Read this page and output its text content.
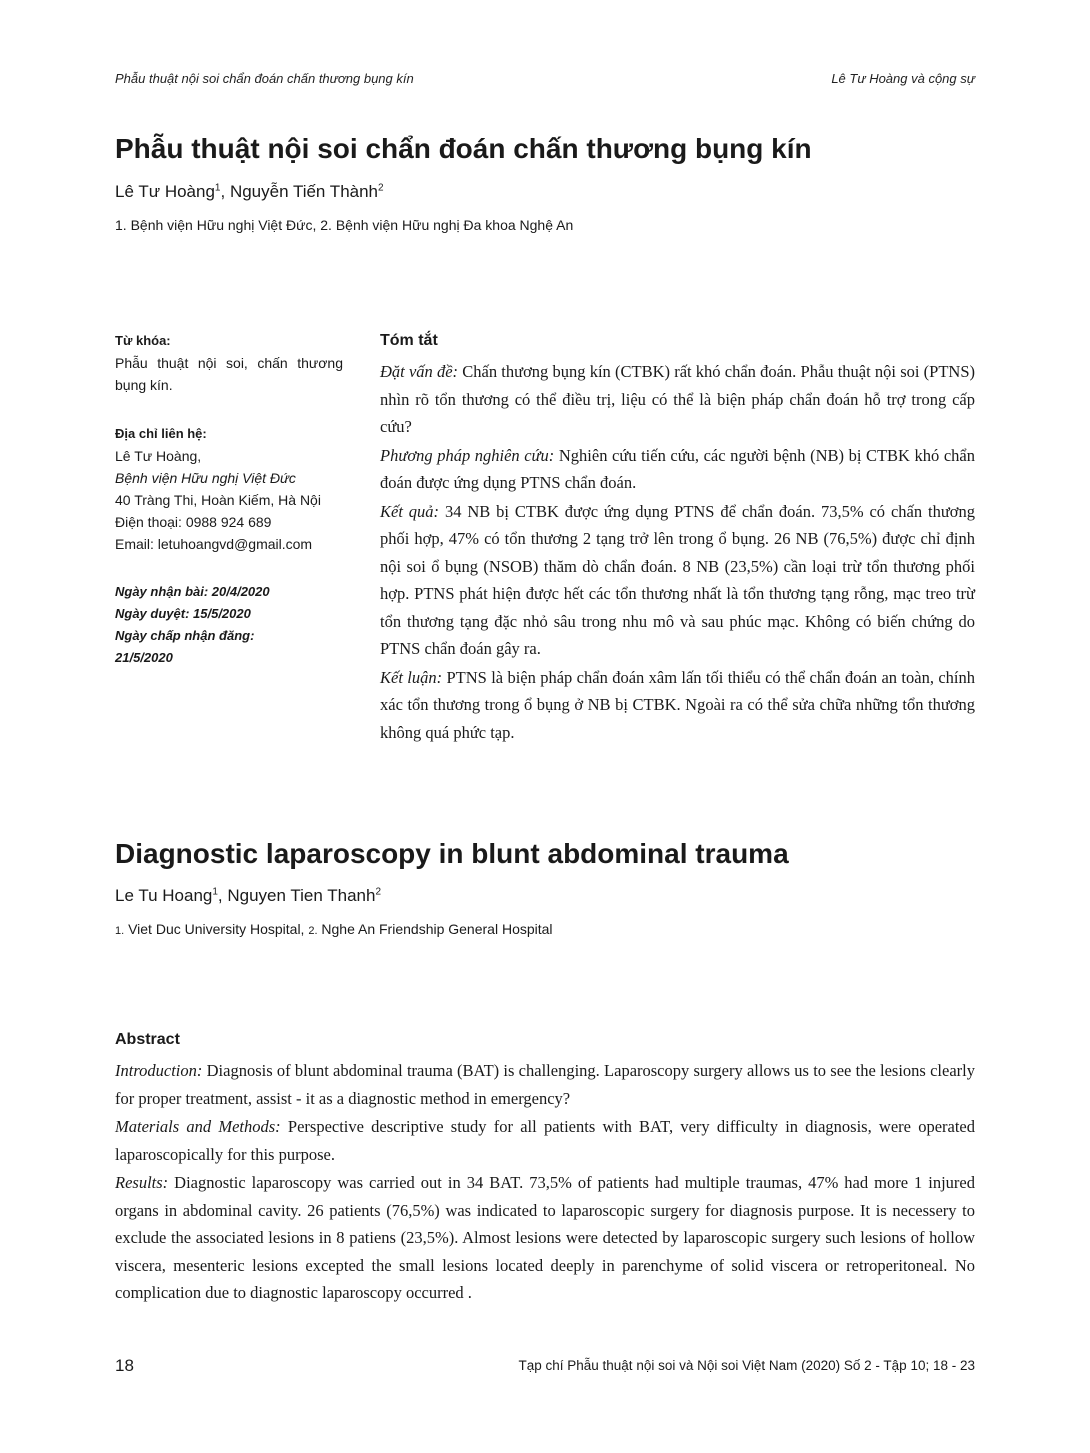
Phẫu thuật nội soi chẩn đoán chấn thương bụng kín	Lê Tư Hoàng và cộng sự
Phẫu thuật nội soi chẩn đoán chấn thương bụng kín
Lê Tư Hoàng$^1$, Nguyễn Tiến Thành$^2$
1. Bệnh viện Hữu nghị Việt Đức, 2. Bệnh viện Hữu nghị Đa khoa Nghệ An
Từ khóa:
Phẫu thuật nội soi, chấn thương bụng kín.
Địa chỉ liên hệ:
Lê Tư Hoàng,
Bệnh viện Hữu nghị Việt Đức
40 Tràng Thi, Hoàn Kiếm, Hà Nội
Điện thoại: 0988 924 689
Email: letuhoangvd@gmail.com
Ngày nhận bài: 20/4/2020
Ngày duyệt: 15/5/2020
Ngày chấp nhận đăng:
21/5/2020
Tóm tắt

Đặt vấn đề: Chấn thương bụng kín (CTBK) rất khó chẩn đoán. Phẫu thuật nội soi (PTNS) nhìn rõ tổn thương có thể điều trị, liệu có thể là biện pháp chẩn đoán hỗ trợ trong cấp cứu?

Phương pháp nghiên cứu: Nghiên cứu tiến cứu, các người bệnh (NB) bị CTBK khó chẩn đoán được ứng dụng PTNS chẩn đoán.

Kết quả: 34 NB bị CTBK được ứng dụng PTNS để chẩn đoán. 73,5% có chấn thương phối hợp, 47% có tổn thương 2 tạng trở lên trong ổ bụng. 26 NB (76,5%) được chỉ định nội soi ổ bụng (NSOB) thăm dò chẩn đoán. 8 NB (23,5%) cần loại trừ tổn thương phối hợp. PTNS phát hiện được hết các tổn thương nhất là tổn thương tạng rỗng, mạc treo trừ tổn thương tạng đặc nhỏ sâu trong nhu mô và sau phúc mạc. Không có biến chứng do PTNS chẩn đoán gây ra.

Kết luận: PTNS là biện pháp chẩn đoán xâm lấn tối thiểu có thể chẩn đoán an toàn, chính xác tổn thương trong ổ bụng ở NB bị CTBK. Ngoài ra có thể sửa chữa những tổn thương không quá phức tạp.

Diagnostic laparoscopy in blunt abdominal trauma
Le Tu Hoang$^1$, Nguyen Tien Thanh$^2$
1. Viet Duc University Hospital, 2. Nghe An Friendship General Hospital
Abstract

Introduction: Diagnosis of blunt abdominal trauma (BAT) is challenging. Laparoscopy surgery allows us to see the lesions clearly for proper treatment, assist - it as a diagnostic method in emergency?

Materials and Methods: Perspective descriptive study for all patients with BAT, very difficulty in diagnosis, were operated laparoscopically for this purpose.

Results: Diagnostic laparoscopy was carried out in 34 BAT. 73,5% of patients had multiple traumas, 47% had more 1 injured organs in abdominal cavity. 26 patients (76,5%) was indicated to laparoscopic surgery for diagnosis purpose. It is necessery to exclude the associated lesions in 8 patiens (23,5%). Almost lesions were detected by laparoscopic surgery such lesions of hollow viscera, mesenteric lesions excepted the small lesions located deeply in parenchyme of solid viscera or retroperitoneal. No complication due to diagnostic laparoscopy occurred .

18	Tạp chí Phẫu thuật nội soi và Nội soi Việt Nam (2020) Số 2 - Tập 10; 18 - 23
